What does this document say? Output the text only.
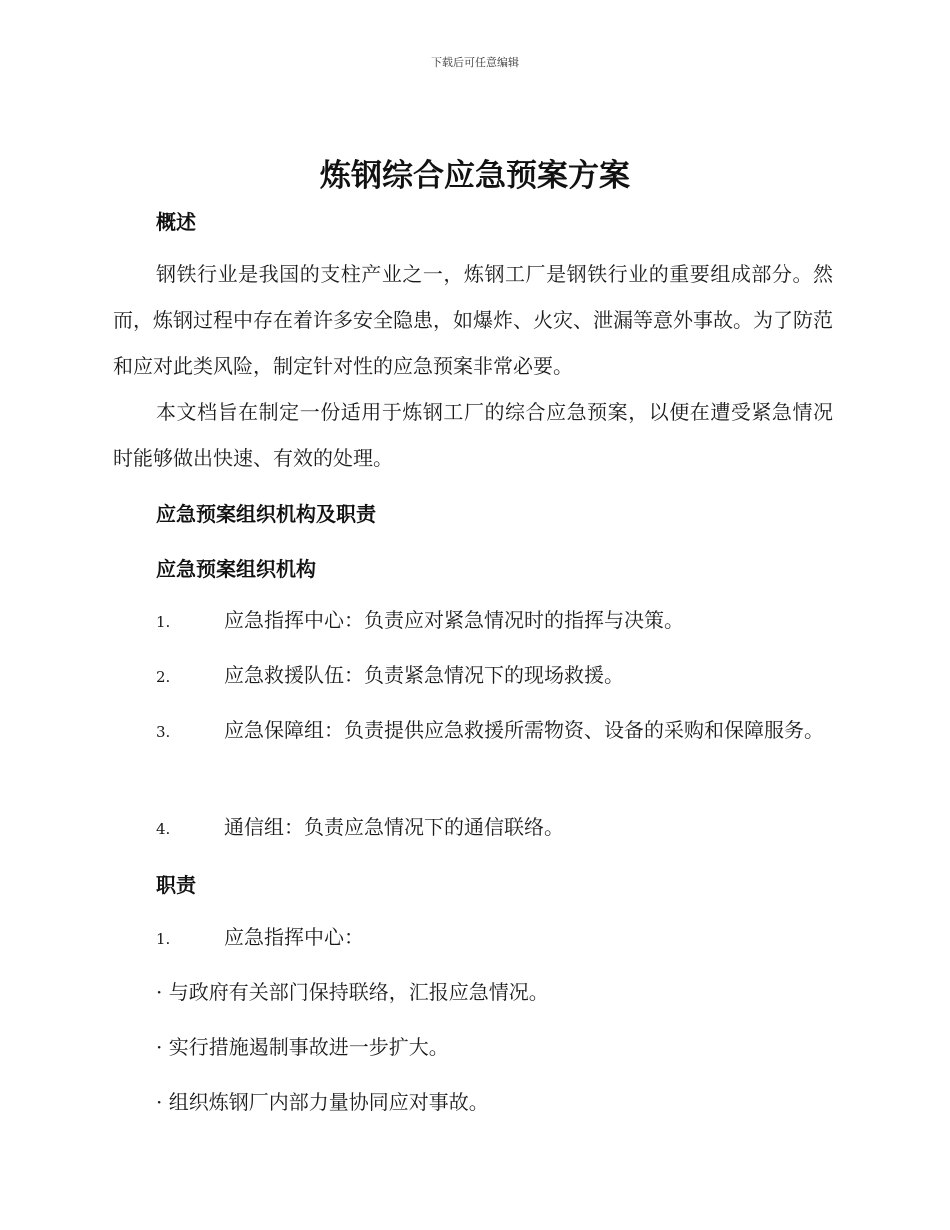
下载后可任意编辑
炼钢综合应急预案方案
概述

钢铁行业是我国的支柱产业之一，炼钢工厂是钢铁行业的重要组成部分。然而，炼钢过程中存在着许多安全隐患，如爆炸、火灾、泄漏等意外事故。为了防范和应对此类风险，制定针对性的应急预案非常必要。

本文档旨在制定一份适用于炼钢工厂的综合应急预案，以便在遭受紧急情况时能够做出快速、有效的处理。

应急预案组织机构及职责
应急预案组织机构

1.	应急指挥中心：负责应对紧急情况时的指挥与决策。

2.	应急救援队伍：负责紧急情况下的现场救援。

3.	应急保障组：负责提供应急救援所需物资、设备的采购和保障服务。

4.	通信组：负责应急情况下的通信联络。

职责

1.	应急指挥中心：

· 与政府有关部门保持联络，汇报应急情况。

· 实行措施遏制事故进一步扩大。

· 组织炼钢厂内部力量协同应对事故。
